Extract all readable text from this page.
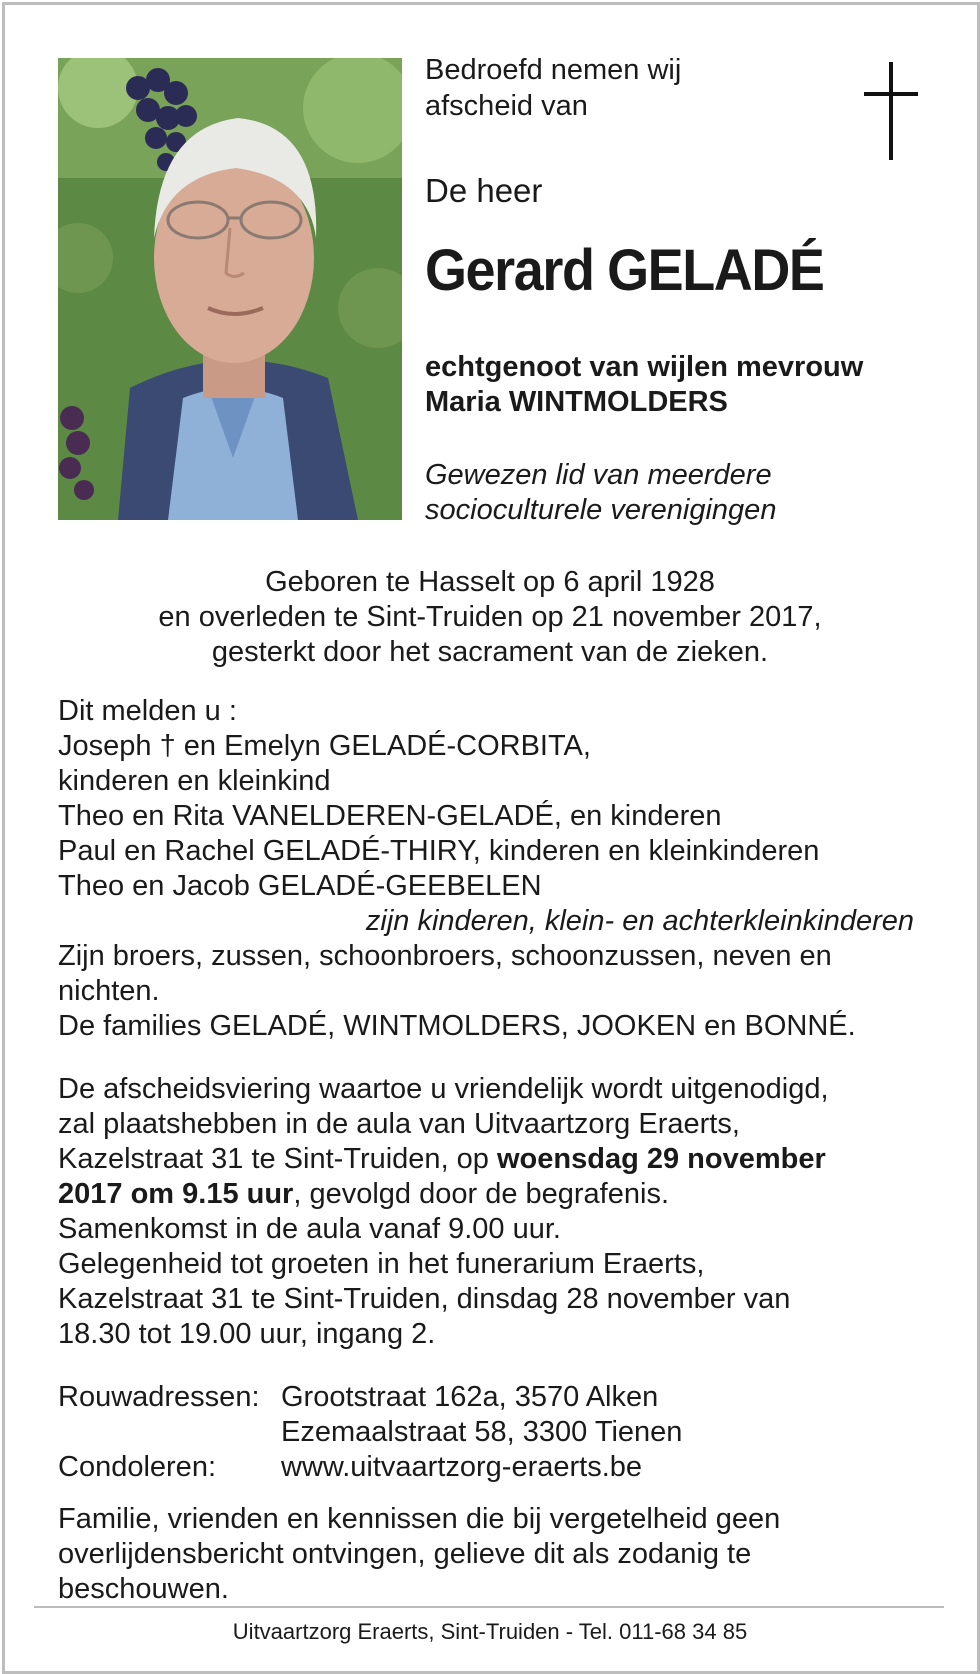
Bedroefd nemen wij
afscheid van
De heer
Gerard GELADÉ
echtgenoot van wijlen mevrouw
Maria WINTMOLDERS
Gewezen lid van meerdere
socioculturele verenigingen
Geboren te Hasselt op 6 april 1928
en overleden te Sint-Truiden op 21 november 2017,
gesterkt door het sacrament van de zieken.
Dit melden u :
Joseph † en Emelyn GELADÉ-CORBITA,
kinderen en kleinkind
Theo en Rita VANELDEREN-GELADÉ, en kinderen
Paul en Rachel GELADÉ-THIRY, kinderen en kleinkinderen
Theo en Jacob GELADÉ-GEEBELEN
zijn kinderen, klein- en achterkleinkinderen
Zijn broers, zussen, schoonbroers, schoonzussen, neven en
nichten.
De families GELADÉ, WINTMOLDERS, JOOKEN en BONNÉ.
De afscheidsviering waartoe u vriendelijk wordt uitgenodigd,
zal plaatshebben in de aula van Uitvaartzorg Eraerts,
Kazelstraat 31 te Sint-Truiden, op woensdag 29 november
2017 om 9.15 uur, gevolgd door de begrafenis.
Samenkomst in de aula vanaf 9.00 uur.
Gelegenheid tot groeten in het funerarium Eraerts,
Kazelstraat 31 te Sint-Truiden, dinsdag 28 november van
18.30 tot 19.00 uur, ingang 2.
Rouwadressen: Grootstraat 162a, 3570 Alken
Ezemaalstraat 58, 3300 Tienen
Condoleren:	www.uitvaartzorg-eraerts.be
Familie, vrienden en kennissen die bij vergetelheid geen
overlijdensbericht ontvingen, gelieve dit als zodanig te
beschouwen.
Uitvaartzorg Eraerts, Sint-Truiden - Tel. 011-68 34 85
